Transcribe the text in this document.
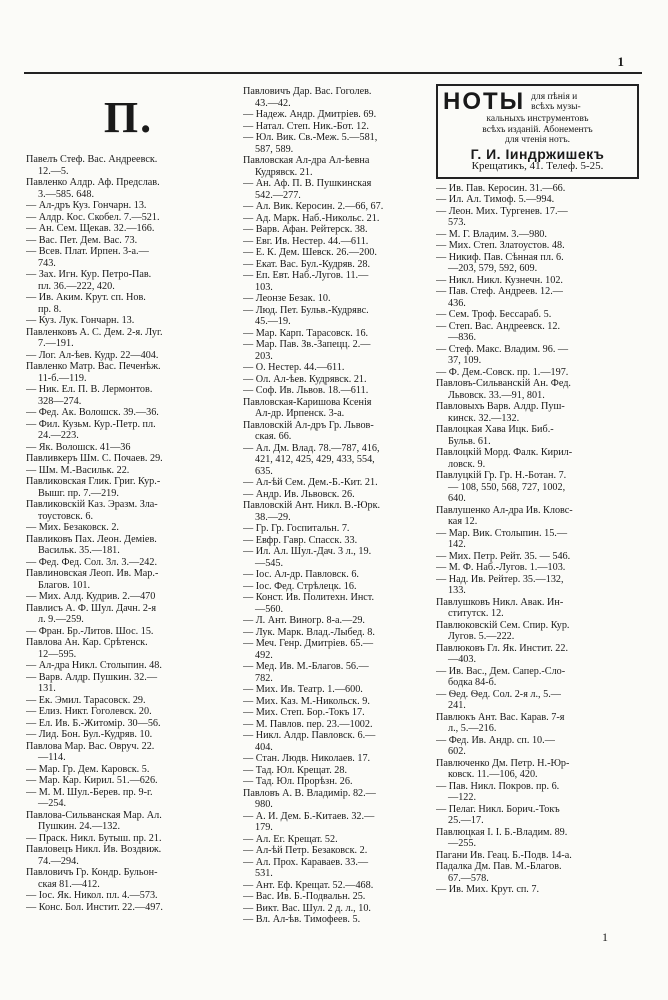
1
П.
Павелъ Стеф. Вас. Андреевск.
12.—5.
Павленко Алдр. Аф. Предслав.
3.—585. 648.
— Ал-дръ Куз. Гончарн. 13.
— Алдр. Кос. Скобел. 7.—521.
— Ан. Сем. Щекав. 32.—166.
— Вас. Пет. Дем. Вас. 73.
— Всев. Плат. Ирпен. 3-а.—
743.
— Зах. Игн. Кур. Петро-Пав.
пл. 36.—222, 420.
— Ив. Аким. Крут. сп. Нов.
пр. 8.
— Куз. Лук. Гончарн. 13.
Павленковъ А. С. Дем. 2-я. Луг.
7.—191.
— Лог. Ал-ѣев. Кудр. 22—404.
Павленко Матр. Вас. Печенѣж.
11-б.—119.
— Ник. Ел. П. В. Лермонтов.
328—274.
— Фед. Ак. Волошск. 39.—36.
— Фил. Кузьм. Кур.-Петр. пл.
24.—223.
— Як. Волошск. 41—36
Павливкеръ Шм. С. Почаев. 29.
— Шм. М.-Васильк. 22.
Павликовская Глик. Григ. Кур.-
Вышг. пр. 7.—219.
Павликовскій Каз. Эразм. Зла-
тоустовск. 6.
— Мих. Безаковск. 2.
Павликовъ Пах. Леон. Деміев.
Васильк. 35.—181.
— Фед. Фед. Сол. 3л. 3.—242.
Павлиновская Леоп. Ив. Мар.-
Благов. 101.
— Мих. Алд. Кудрив. 2.—470
Павлисъ А. Ф. Шул. Дачн. 2-я
л. 9.—259.
— Фран. Бр.-Литов. Шос. 15.
Павлова Ан. Кар. Срѣтенск.
12—595.
— Ал-дра Никл. Столыпин. 48.
— Варв. Алдр. Пушкин. 32.—
131.
— Ек. Эмил. Тарасовск. 29.
— Елиз. Никт. Гоголевск. 20.
— Ел. Ив. Б.-Житомір. 30—56.
— Лид. Бон. Бул.-Кудряв. 10.
Павлова Мар. Вас. Овруч. 22.
—114.
— Мар. Гр. Дем. Каровск. 5.
— Мар. Кар. Кирил. 51.—626.
— М. М. Шул.-Берев. пр. 9-г.
—254.
Павлова-Сильванская Мар. Ал.
Пушкин. 24.—132.
— Праск. Никл. Бутыш. пр. 21.
Павловецъ Никл. Ив. Воздвиж.
74.—294.
Павловичъ Гр. Кондр. Бульон-
ская 81.—412.
— Іос. Як. Никол. пл. 4.—573.
— Конс. Бол. Инстит. 22.—497.
Павловичъ Дар. Вас. Гоголев.
43.—42.
— Надеж. Андр. Дмитріев. 69.
— Натал. Степ. Ник.-Бот. 12.
— Юл. Вик. Св.-Меж. 5.—581,
587, 589.
Павловская Ал-дра Ал-ѣевна
Кудрявск. 21.
— Ан. Аф. П. В. Пушкинская
542.—277.
— Ал. Вик. Керосин. 2.—66, 67.
— Ад. Марк. Наб.-Никольс. 21.
— Варв. Афан. Рейтерск. 38.
— Евг. Ив. Нестер. 44.—611.
— Е. К. Дем. Шевск. 26.—200.
— Екат. Вас. Бул.-Кудряв. 28.
— Еп. Евт. Наб.-Лугов. 11.—
103.
— Леонзе Безак. 10.
— Люд. Пет. Бульв.-Кудрявс.
45.—19.
— Мар. Карп. Тарасовск. 16.
— Мар. Пав. Зв.-Запецц. 2.—
203.
— О. Нестер. 44.—611.
— Ол. Ал-ѣев. Кудрявск. 21.
— Соф. Ив. Львов. 18.—611.
Павловская-Каришова Ксенія
Ал-др. Ирпенск. 3-а.
Павловскій Ал-дръ Гр. Львов-
ская. 66.
— Ал. Дм. Влад. 78.—787, 416,
421, 412, 425, 429, 433, 554,
635.
— Ал-ѣй Сем. Дем.-Б.-Кит. 21.
— Андр. Ив. Львовск. 26.
Павловскій Ант. Никл. В.-Юрк.
38.—29.
— Гр. Гр. Госпитальн. 7.
— Евфр. Гавр. Спасск. 33.
— Ил. Ал. Шул.-Дач. 3 л., 19.
—545.
— Іос. Ал-др. Павловск. 6.
— Іос. Фед. Стрѣлецк. 16.
— Конст. Ив. Политехн. Инст.
—560.
— Л. Ант. Виногр. 8-а.—29.
— Лук. Марк. Влад.-Лыбед. 8.
— Меч. Генр. Дмитріев. 65.—
492.
— Мед. Ив. М.-Благов. 56.—
782.
— Мих. Ив. Театр. 1.—600.
— Мих. Каз. М.-Никольск. 9.
— Мих. Степ. Бор.-Токъ 17.
— М. Павлов. пер. 23.—1002.
— Никл. Алдр. Павловск. 6.—
404.
— Стан. Людв. Николаев. 17.
— Тад. Юл. Крещат. 28.
— Тад. Юл. Прорѣзн. 26.
Павловъ А. В. Владимір. 82.—
980.
— А. И. Дем. Б.-Китаев. 32.—
179.
— Ал. Ег. Крещат. 52.
— Ал-ѣй Петр. Безаковск. 2.
— Ал. Прох. Караваев. 33.—
531.
— Ант. Еф. Крещат. 52.—468.
— Вас. Ив. Б.-Подвальн. 25.
— Викт. Вас. Шул. 2 д. л., 10.
— Вл. Ал-ѣв. Тимофеев. 5.
НОТЫ для пѣнія и
всѣхъ музы-
кальныхъ инструментовъ
всѣхъ изданій. Абонементъ
для чтенія нотъ.
Г. И. Іиндржишекъ
Крещатикъ, 41. Телеф. 5-25.
— Ив. Пав. Керосин. 31.—66.
— Ил. Ал. Тимоф. 5.—994.
— Леон. Мих. Тургенев. 17.—
573.
— М. Г. Владим. 3.—980.
— Мих. Степ. Златоустов. 48.
— Никиф. Пав. Сѣнная пл. 6.
—203, 579, 592, 609.
— Никл. Никл. Кузнечн. 102.
— Пав. Стеф. Андреев. 12.—
436.
— Сем. Троф. Бессараб. 5.
— Степ. Вас. Андреевск. 12.
—836.
— Стеф. Макс. Владим. 96. —
37, 109.
— Ф. Дем.-Совск. пр. 1.—197.
Павловъ-Сильванскій Ан. Фед.
Львовск. 33.—91, 801.
Павловыхъ Варв. Алдр. Пуш-
кинск. 32.—132.
Павлоцкая Хава Ицк. Биб.-
Бульв. 61.
Павлоцкій Морд. Фалк. Кирил-
ловск. 9.
Павлуцкій Гр. Гр. Н.-Ботан. 7.
— 108, 550, 568, 727, 1002,
640.
Павлушенко Ал-дра Ив. Кловс-
кая 12.
— Мар. Вик. Столыпин. 15.—
142.
— Мих. Петр. Рейт. 35. — 546.
— М. Ф. Наб.-Лугов. 1.—103.
— Над. Ив. Рейтер. 35.—132,
133.
Павлушковъ Никл. Авак. Ин-
ститутск. 12.
Павлюковскій Сем. Спир. Кур.
Лугов. 5.—222.
Павлюковъ Гл. Як. Инстит. 22.
—403.
— Ив. Вас., Дем. Сапер.-Сло-
бодка 84-б.
— Ѳед. Ѳед. Сол. 2-я л., 5.—
241.
Павлюкъ Ант. Вас. Карав. 7-я
л., 5.—216.
— Фед. Ив. Андр. сп. 10.—
602.
Павлюченко Дм. Петр. Н.-Юр-
ковск. 11.—106, 420.
— Пав. Никл. Покров. пр. 6.
—122.
— Пелаг. Никл. Борич.-Токъ
25.—17.
Павлюцкая І. І. Б.-Владим. 89.
—255.
Пагани Ив. Геац. Б.-Подв. 14-а.
Падалка Дм. Пав. М.-Благов.
67.—578.
— Ив. Мих. Крут. сп. 7.
1
